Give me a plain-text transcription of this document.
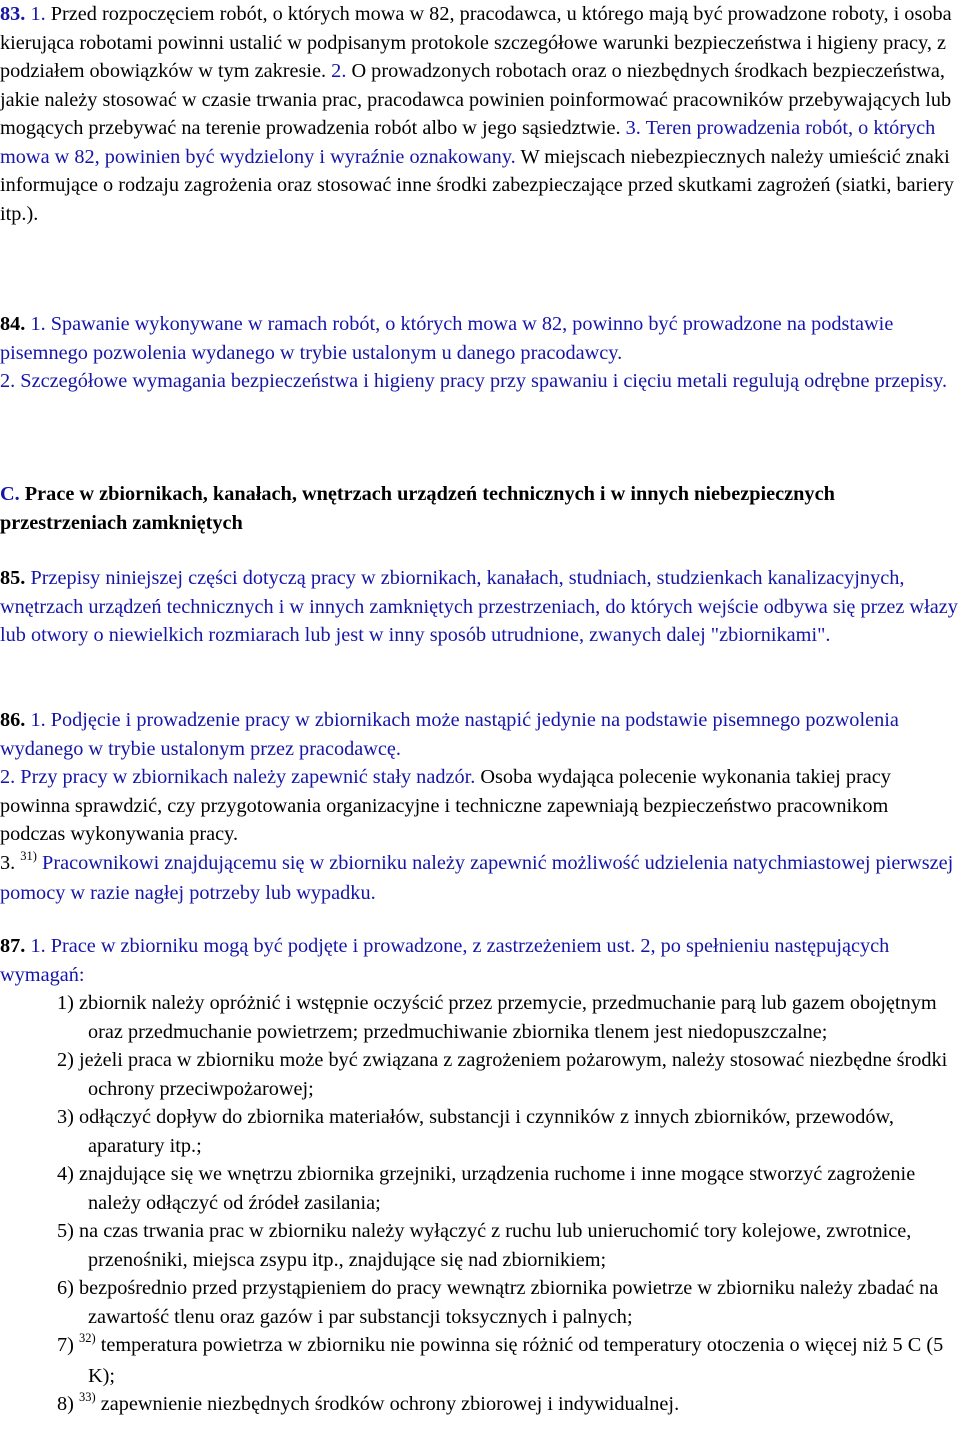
83. 1. Przed rozpoczęciem robót, o których mowa w 82, pracodawca, u którego mają być prowadzone roboty, i osoba kierująca robotami powinni ustalić w podpisanym protokole szczegółowe warunki bezpieczeństwa i higieny pracy, z podziałem obowiązków w tym zakresie. 2. O prowadzonych robotach oraz o niezbędnych środkach bezpieczeństwa, jakie należy stosować w czasie trwania prac, pracodawca powinien poinformować pracowników przebywających lub mogących przebywać na terenie prowadzenia robót albo w jego sąsiedztwie. 3. Teren prowadzenia robót, o których mowa w 82, powinien być wydzielony i wyraźnie oznakowany. W miejscach niebezpiecznych należy umieścić znaki informujące o rodzaju zagrożenia oraz stosować inne środki zabezpieczające przed skutkami zagrożeń (siatki, bariery itp.).

84. 1. Spawanie wykonywane w ramach robót, o których mowa w 82, powinno być prowadzone na podstawie pisemnego pozwolenia wydanego w trybie ustalonym u danego pracodawcy.
2. Szczegółowe wymagania bezpieczeństwa i higieny pracy przy spawaniu i cięciu metali regulują odrębne przepisy.

C. Prace w zbiornikach, kanałach, wnętrzach urządzeń technicznych i w innych niebezpiecznych przestrzeniach zamkniętych

85. Przepisy niniejszej części dotyczą pracy w zbiornikach, kanałach, studniach, studzienkach kanalizacyjnych, wnętrzach urządzeń technicznych i w innych zamkniętych przestrzeniach, do których wejście odbywa się przez włazy lub otwory o niewielkich rozmiarach lub jest w inny sposób utrudnione, zwanych dalej "zbiornikami".

86. 1. Podjęcie i prowadzenie pracy w zbiornikach może nastąpić jedynie na podstawie pisemnego pozwolenia wydanego w trybie ustalonym przez pracodawcę.
2. Przy pracy w zbiornikach należy zapewnić stały nadzór. Osoba wydająca polecenie wykonania takiej pracy powinna sprawdzić, czy przygotowania organizacyjne i techniczne zapewniają bezpieczeństwo pracownikom podczas wykonywania pracy.
3. $^{31)}$ Pracownikowi znajdującemu się w zbiorniku należy zapewnić możliwość udzielenia natychmiastowej pierwszej pomocy w razie nagłej potrzeby lub wypadku.

87. 1. Prace w zbiorniku mogą być podjęte i prowadzone, z zastrzeżeniem ust. 2, po spełnieniu następujących wymagań:

1) zbiornik należy opróżnić i wstępnie oczyścić przez przemycie, przedmuchanie parą lub gazem obojętnym oraz przedmuchanie powietrzem; przedmuchiwanie zbiornika tlenem jest niedopuszczalne;

2) jeżeli praca w zbiorniku może być związana z zagrożeniem pożarowym, należy stosować niezbędne środki ochrony przeciwpożarowej;

3) odłączyć dopływ do zbiornika materiałów, substancji i czynników z innych zbiorników, przewodów, aparatury itp.;

4) znajdujące się we wnętrzu zbiornika grzejniki, urządzenia ruchome i inne mogące stworzyć zagrożenie należy odłączyć od źródeł zasilania;

5) na czas trwania prac w zbiorniku należy wyłączyć z ruchu lub unieruchomić tory kolejowe, zwrotnice, przenośniki, miejsca zsypu itp., znajdujące się nad zbiornikiem;

6) bezpośrednio przed przystąpieniem do pracy wewnątrz zbiornika powietrze w zbiorniku należy zbadać na zawartość tlenu oraz gazów i par substancji toksycznych i palnych;

7) $^{32)}$ temperatura powietrza w zbiorniku nie powinna się różnić od temperatury otoczenia o więcej niż 5 C (5 K);

8) $^{33)}$ zapewnienie niezbędnych środków ochrony zbiorowej i indywidualnej.
